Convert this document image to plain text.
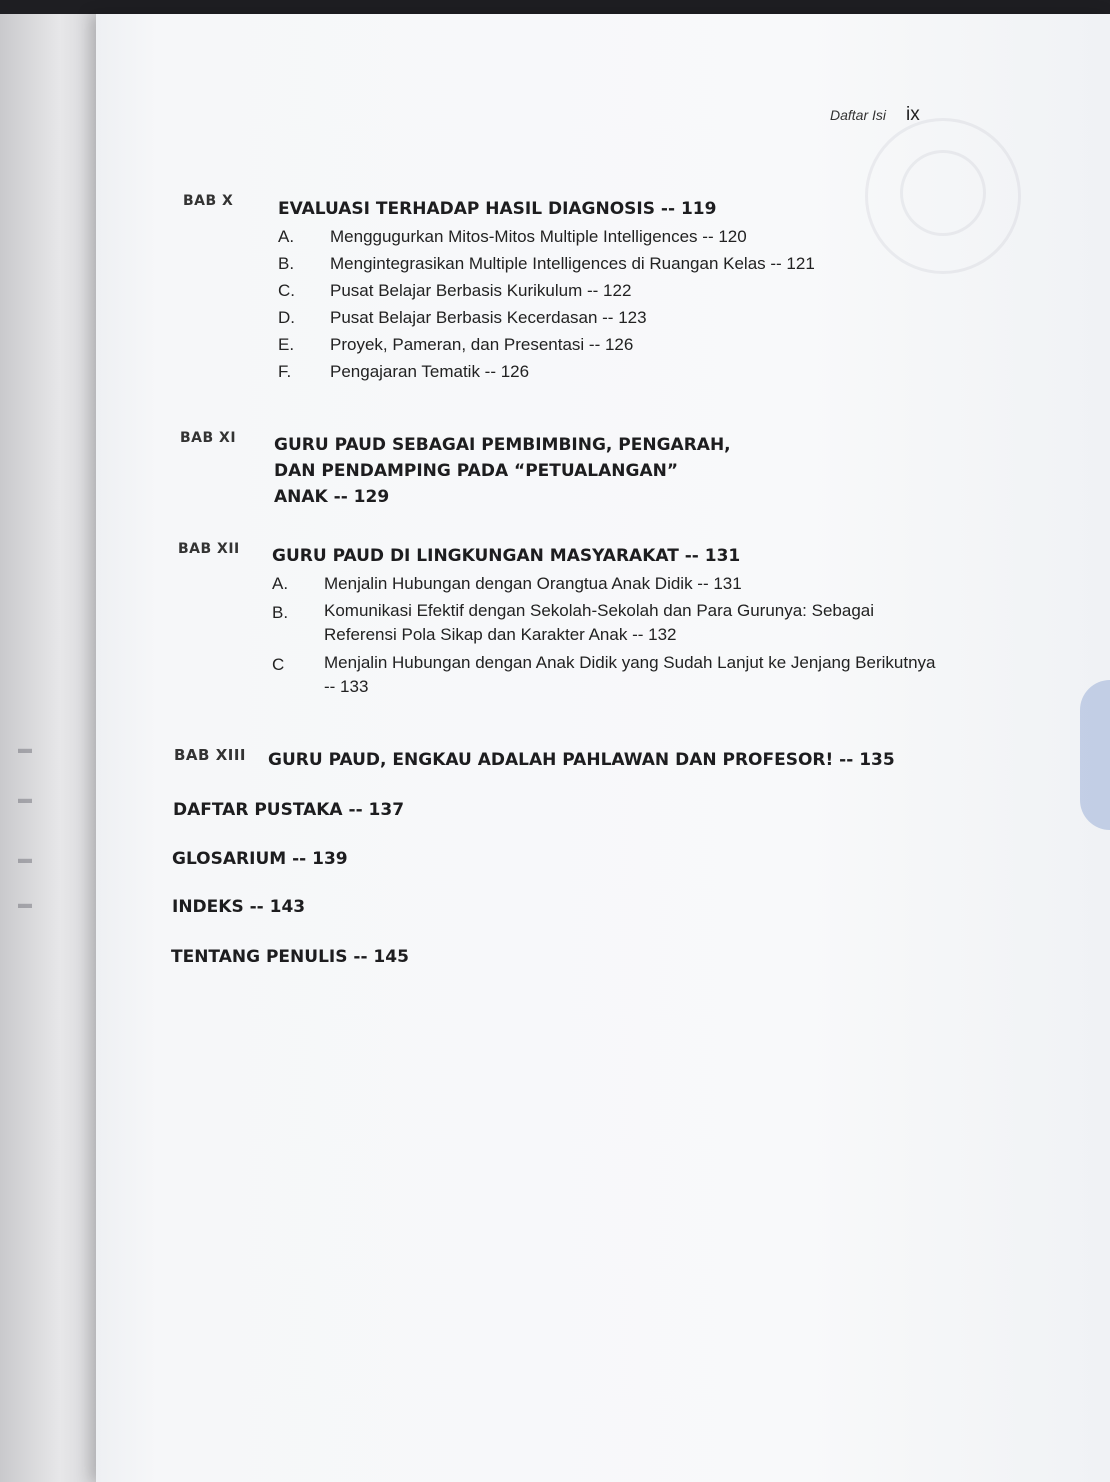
▬
▬
▬
▬
Daftar Isi ix
BAB X	EVALUASI TERHADAP HASIL DIAGNOSIS -- 119
A.	Menggugurkan Mitos-Mitos Multiple Intelligences -- 120
B.	Mengintegrasikan Multiple Intelligences di Ruangan Kelas -- 121
C.	Pusat Belajar Berbasis Kurikulum -- 122
D.	Pusat Belajar Berbasis Kecerdasan -- 123
E.	Proyek, Pameran, dan Presentasi -- 126
F.	Pengajaran Tematik -- 126
BAB XI GURU PAUD SEBAGAI PEMBIMBING, PENGARAH,
DAN PENDAMPING PADA “PETUALANGAN”
ANAK -- 129
BAB XII GURU PAUD DI LINGKUNGAN MASYARAKAT -- 131
A.	Menjalin Hubungan dengan Orangtua Anak Didik -- 131
B.	Komunikasi Efektif dengan Sekolah-Sekolah dan Para Gurunya: Sebagai Referensi Pola Sikap dan Karakter Anak -- 132
C	Menjalin Hubungan dengan Anak Didik yang Sudah Lanjut ke Jenjang Berikutnya -- 133
BAB XIII GURU PAUD, ENGKAU ADALAH PAHLAWAN DAN PROFESOR! -- 135
DAFTAR PUSTAKA -- 137
GLOSARIUM -- 139
INDEKS -- 143
TENTANG PENULIS -- 145
